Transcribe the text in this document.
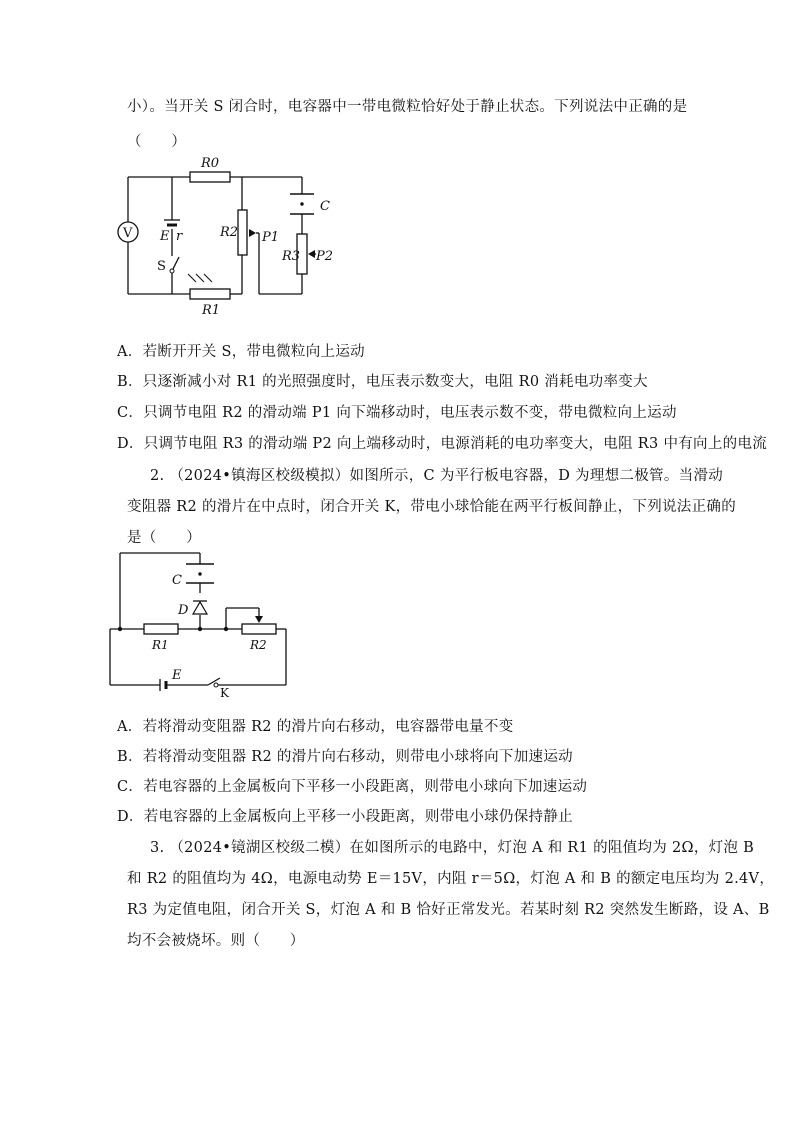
小）。当开关 S 闭合时，电容器中一带电微粒恰好处于静止状态。下列说法中正确的是
（　　）
V
R0
C
E r	R2 P1
R3 P2
S
R1
A．若断开开关 S，带电微粒向上运动
B．只逐渐减小对 R1 的光照强度时，电压表示数变大，电阻 R0 消耗电功率变大
C．只调节电阻 R2 的滑动端 P1 向下端移动时，电压表示数不变，带电微粒向上运动
D．只调节电阻 R3 的滑动端 P2 向上端移动时，电源消耗的电功率变大，电阻 R3 中有向上的电流
2. （2024•镇海区校级模拟）如图所示，C 为平行板电容器，D 为理想二极管。当滑动
变阻器 R2 的滑片在中点时，闭合开关 K，带电小球恰能在两平行板间静止，下列说法正确的
是（　　）
C
D
R1	R2
E
K
A．若将滑动变阻器 R2 的滑片向右移动，电容器带电量不变
B．若将滑动变阻器 R2 的滑片向右移动，则带电小球将向下加速运动
C．若电容器的上金属板向下平移一小段距离，则带电小球向下加速运动
D．若电容器的上金属板向上平移一小段距离，则带电小球仍保持静止
3. （2024•镜湖区校级二模）在如图所示的电路中，灯泡 A 和 R1 的阻值均为 2Ω，灯泡 B
和 R2 的阻值均为 4Ω，电源电动势 E＝15V，内阻 r＝5Ω，灯泡 A 和 B 的额定电压均为 2.4V，
R3 为定值电阻，闭合开关 S，灯泡 A 和 B 恰好正常发光。若某时刻 R2 突然发生断路，设 A、B
均不会被烧坏。则（　　）
